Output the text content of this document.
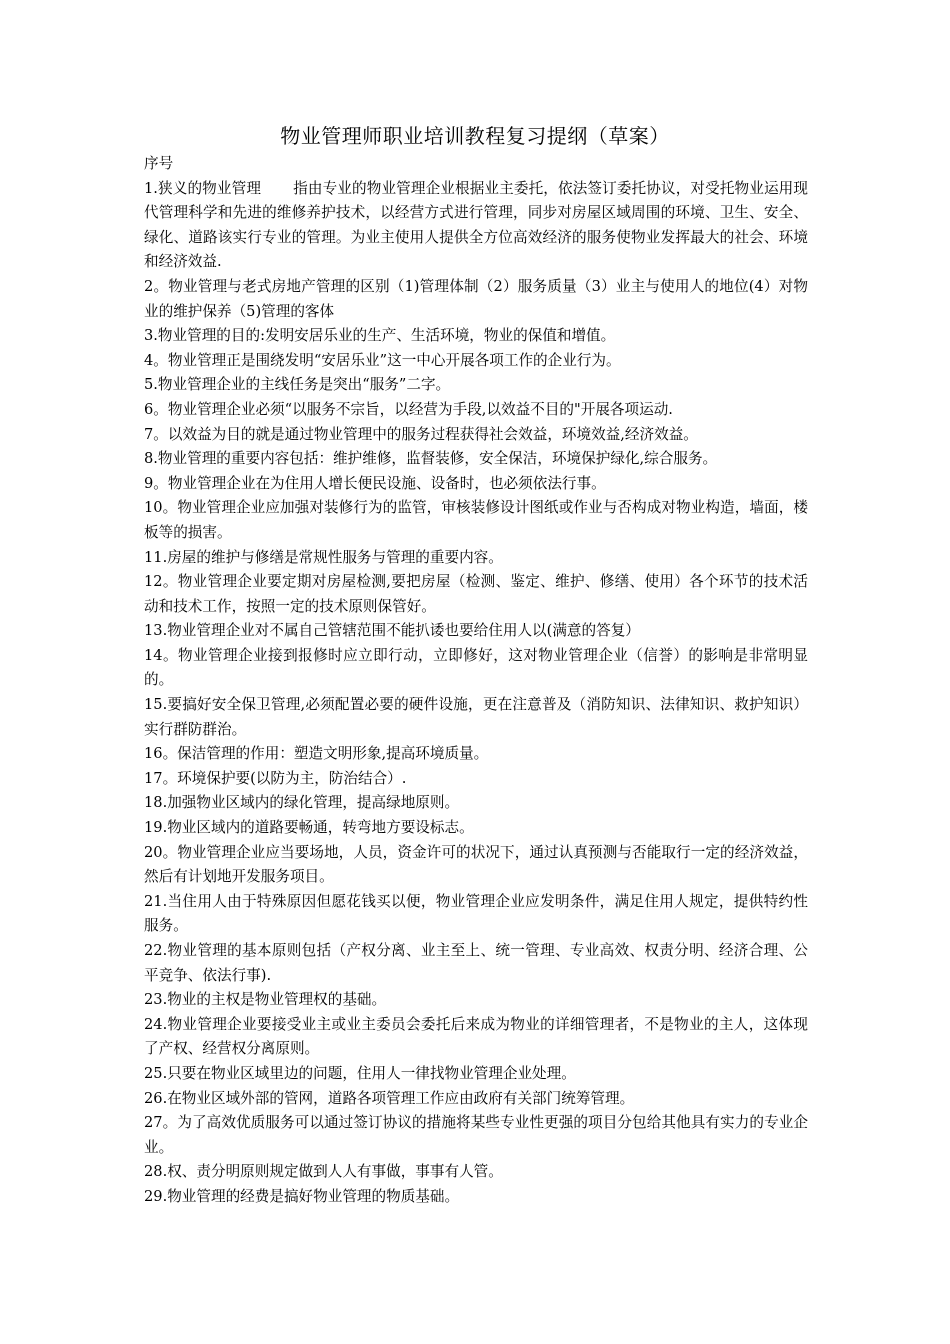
物业管理师职业培训教程复习提纲（草案）

序号

1.狭义的物业管理 指由专业的物业管理企业根据业主委托，依法签订委托协议，对受托物业运用现代管理科学和先进的维修养护技术，以经营方式进行管理，同步对房屋区域周围的环境、卫生、安全、绿化、道路该实行专业的管理。为业主使用人提供全方位高效经济的服务使物业发挥最大的社会、环境和经济效益.

2。物业管理与老式房地产管理的区别（1)管理体制（2）服务质量（3）业主与使用人的地位(4）对物业的维护保养（5)管理的客体

3.物业管理的目的:发明安居乐业的生产、生活环境，物业的保值和增值。

4。物业管理正是围绕发明“安居乐业”这一中心开展各项工作的企业行为。

5.物业管理企业的主线任务是突出“服务”二字。

6。物业管理企业必须“以服务不宗旨，以经营为手段,以效益不目的"开展各项运动.

7。以效益为目的就是通过物业管理中的服务过程获得社会效益，环境效益,经济效益。

8.物业管理的重要内容包括：维护维修，监督装修，安全保洁，环境保护绿化,综合服务。

9。物业管理企业在为住用人增长便民设施、设备时，也必须依法行事。

10。物业管理企业应加强对装修行为的监管，审核装修设计图纸或作业与否构成对物业构造，墙面，楼板等的损害。

11.房屋的维护与修缮是常规性服务与管理的重要内容。

12。物业管理企业要定期对房屋检测,要把房屋（检测、鉴定、维护、修缮、使用）各个环节的技术活动和技术工作，按照一定的技术原则保管好。

13.物业管理企业对不属自己管辖范围不能扒诿也要给住用人以(满意的答复）

14。物业管理企业接到报修时应立即行动，立即修好，这对物业管理企业（信誉）的影响是非常明显的。

15.要搞好安全保卫管理,必须配置必要的硬件设施，更在注意普及（消防知识、法律知识、救护知识）实行群防群治。

16。保洁管理的作用：塑造文明形象,提高环境质量。

17。环境保护要(以防为主，防治结合）.

18.加强物业区域内的绿化管理，提高绿地原则。

19.物业区域内的道路要畅通，转弯地方要设标志。

20。物业管理企业应当要场地，人员，资金许可的状况下，通过认真预测与否能取行一定的经济效益，然后有计划地开发服务项目。

21.当住用人由于特殊原因但愿花钱买以便，物业管理企业应发明条件，满足住用人规定，提供特约性服务。

22.物业管理的基本原则包括（产权分离、业主至上、统一管理、专业高效、权责分明、经济合理、公平竞争、依法行事).

23.物业的主权是物业管理权的基础。

24.物业管理企业要接受业主或业主委员会委托后来成为物业的详细管理者，不是物业的主人，这体现了产权、经营权分离原则。

25.只要在物业区域里边的问题，住用人一律找物业管理企业处理。

26.在物业区域外部的管网，道路各项管理工作应由政府有关部门统筹管理。

27。为了高效优质服务可以通过签订协议的措施将某些专业性更强的项目分包给其他具有实力的专业企业。

28.权、责分明原则规定做到人人有事做，事事有人管。

29.物业管理的经费是搞好物业管理的物质基础。
